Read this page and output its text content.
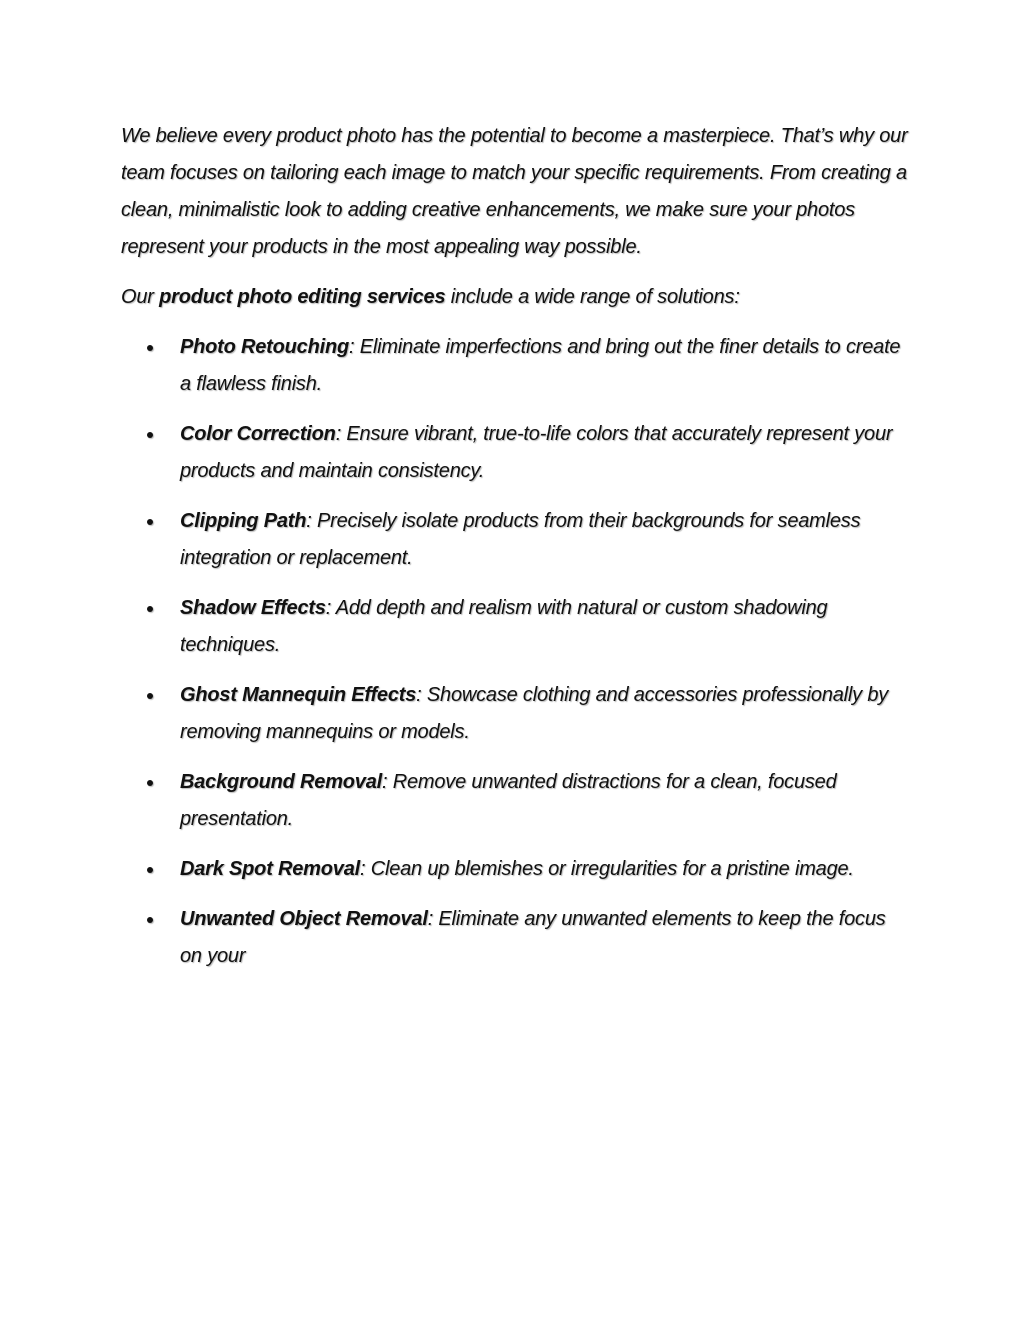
We believe every product photo has the potential to become a masterpiece. That’s why our team focuses on tailoring each image to match your specific requirements. From creating a clean, minimalistic look to adding creative enhancements, we make sure your photos represent your products in the most appealing way possible.

Our product photo editing services include a wide range of solutions:

Photo Retouching: Eliminate imperfections and bring out the finer details to create a flawless finish.
Color Correction: Ensure vibrant, true-to-life colors that accurately represent your products and maintain consistency.
Clipping Path: Precisely isolate products from their backgrounds for seamless integration or replacement.
Shadow Effects: Add depth and realism with natural or custom shadowing techniques.
Ghost Mannequin Effects: Showcase clothing and accessories professionally by removing mannequins or models.
Background Removal: Remove unwanted distractions for a clean, focused presentation.
Dark Spot Removal: Clean up blemishes or irregularities for a pristine image.
Unwanted Object Removal: Eliminate any unwanted elements to keep the focus on your
